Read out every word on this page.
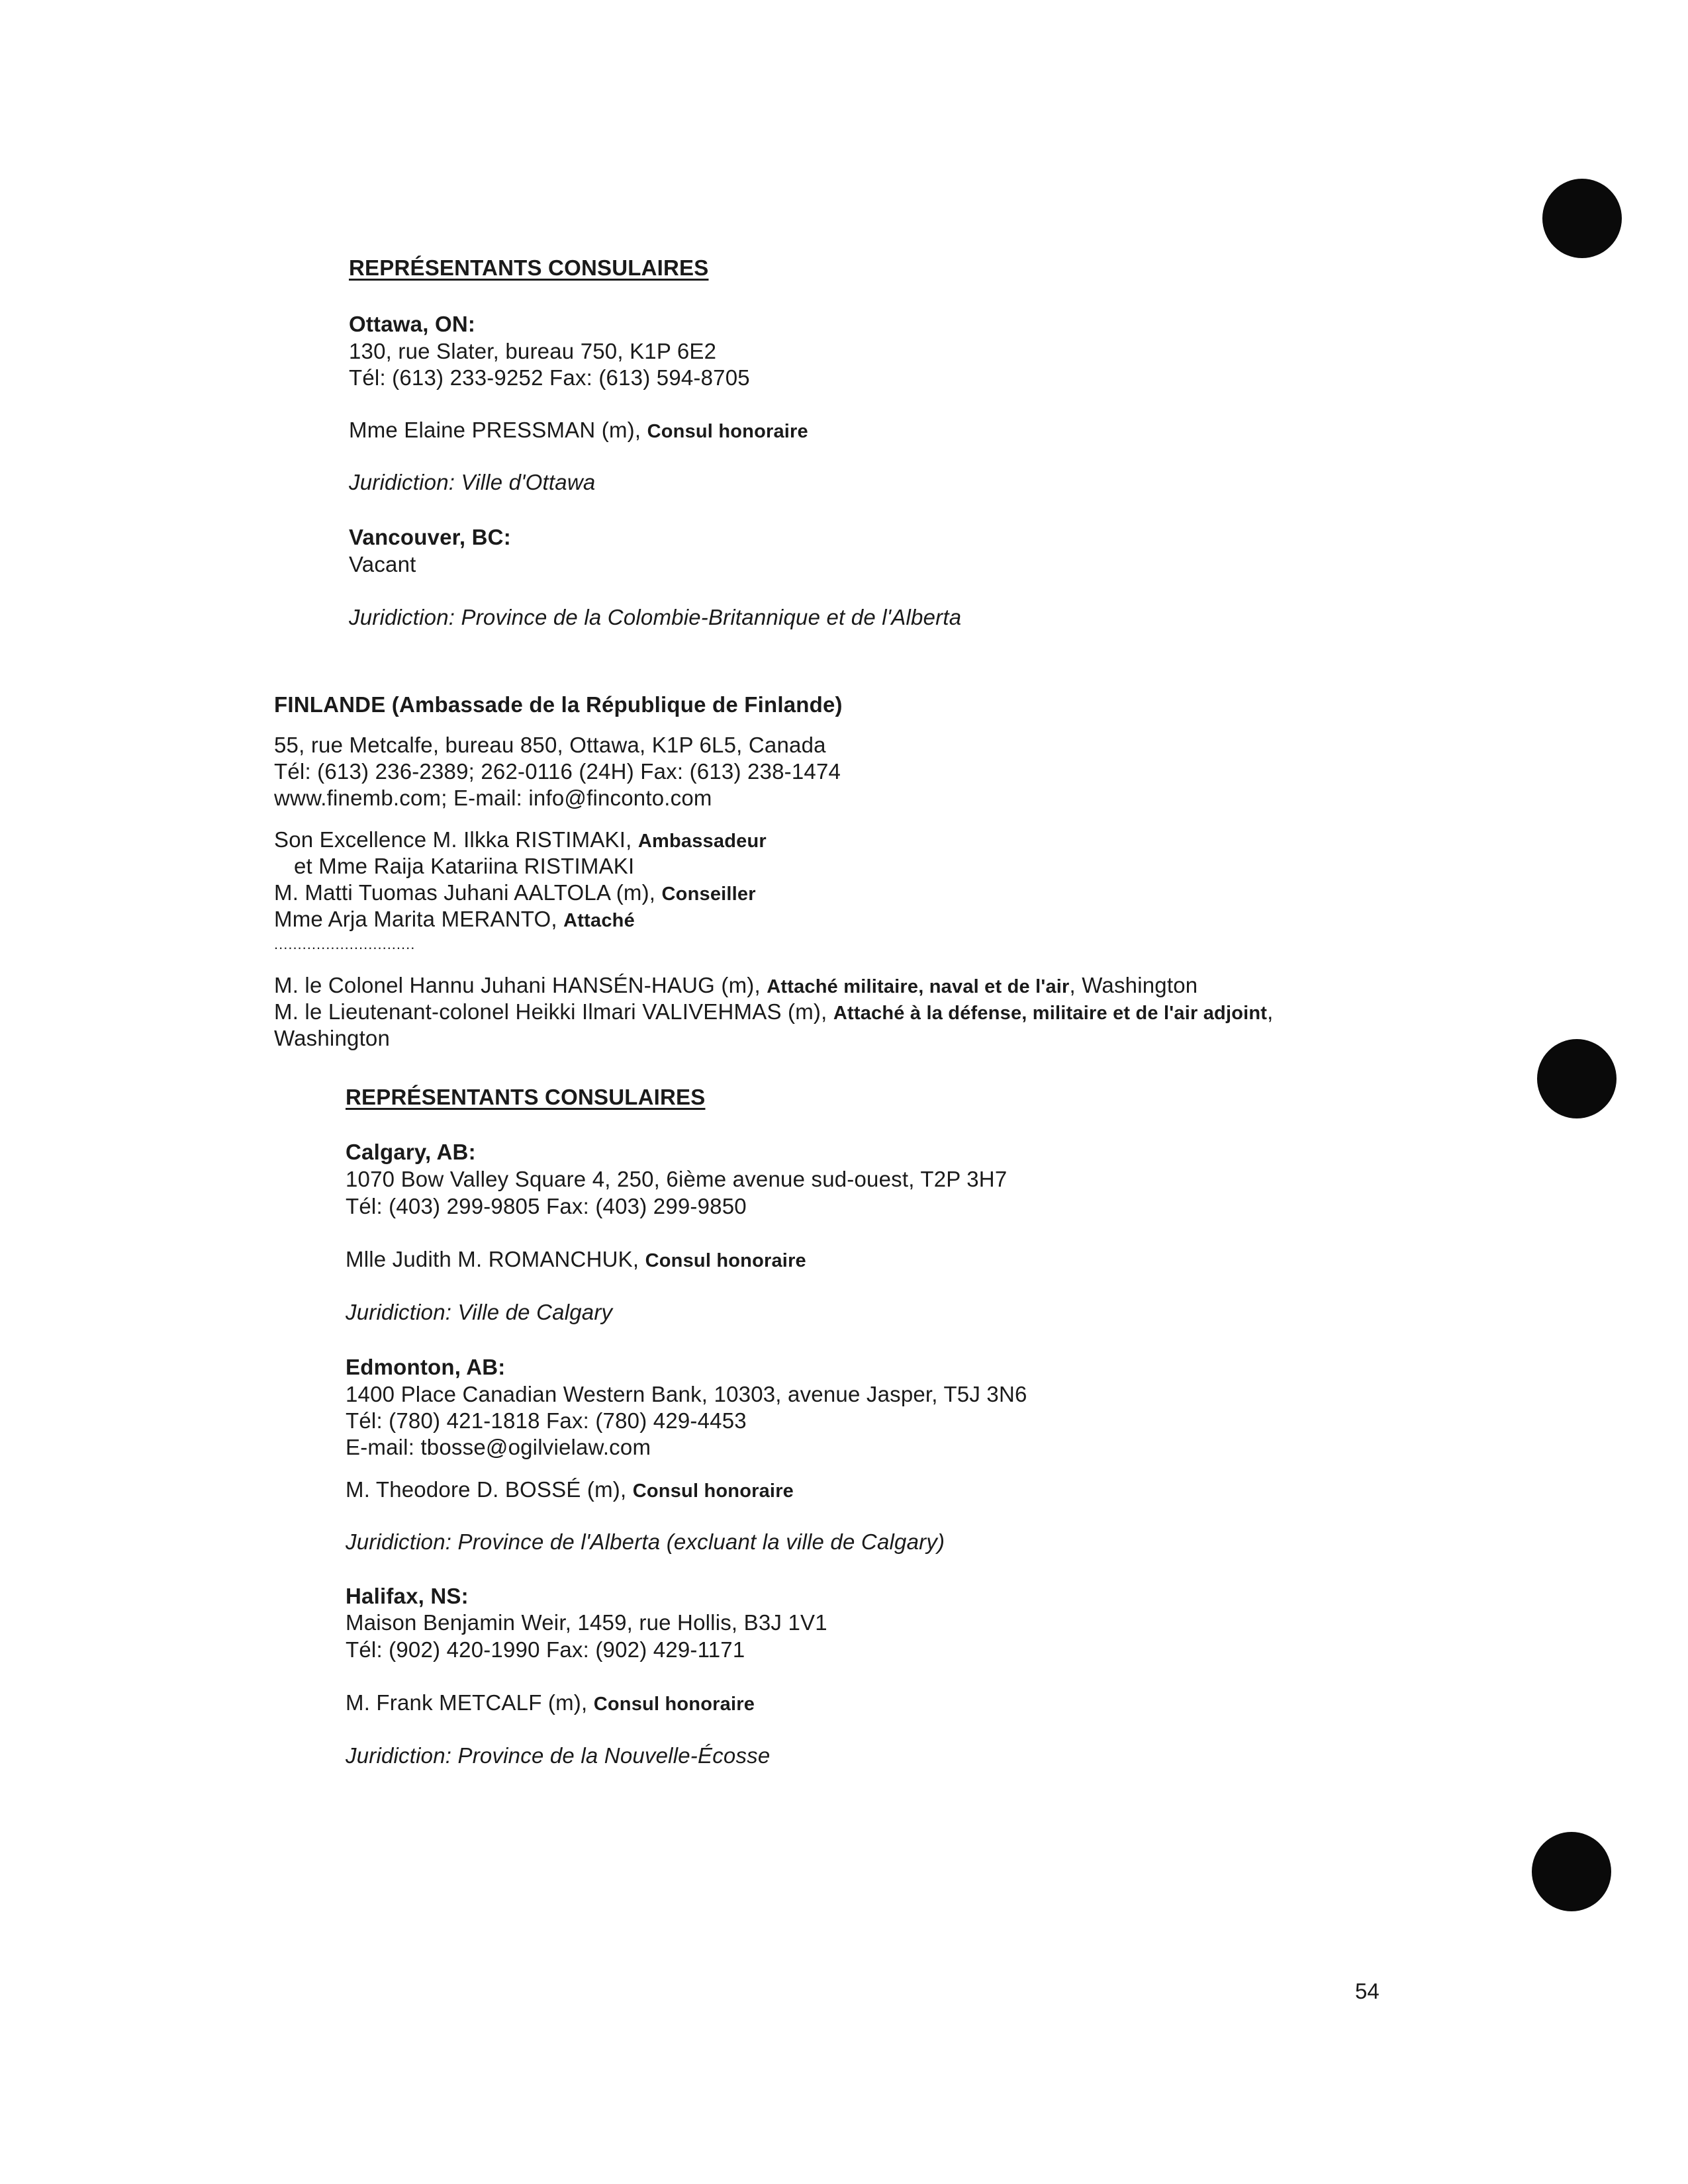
REPRÉSENTANTS CONSULAIRES
Ottawa, ON:
130, rue Slater, bureau 750, K1P 6E2
Tél: (613) 233-9252 Fax: (613) 594-8705
Mme Elaine PRESSMAN (m), Consul honoraire
Juridiction: Ville d'Ottawa
Vancouver, BC:
Vacant
Juridiction: Province de la Colombie-Britannique et de l'Alberta
FINLANDE (Ambassade de la République de Finlande)
55, rue Metcalfe, bureau 850, Ottawa, K1P 6L5, Canada
Tél: (613) 236-2389; 262-0116 (24H) Fax: (613) 238-1474
www.finemb.com; E-mail: info@finconto.com
Son Excellence M. Ilkka RISTIMAKI, Ambassadeur
et Mme Raija Katariina RISTIMAKI
M. Matti Tuomas Juhani AALTOLA (m), Conseiller
Mme Arja Marita MERANTO, Attaché
..............................
M. le Colonel Hannu Juhani HANSÉN-HAUG (m), Attaché militaire, naval et de l'air, Washington
M. le Lieutenant-colonel Heikki Ilmari VALIVEHMAS (m), Attaché à la défense, militaire et de l'air adjoint,
Washington
REPRÉSENTANTS CONSULAIRES
Calgary, AB:
1070 Bow Valley Square 4, 250, 6ième avenue sud-ouest, T2P 3H7
Tél: (403) 299-9805 Fax: (403) 299-9850
Mlle Judith M. ROMANCHUK, Consul honoraire
Juridiction: Ville de Calgary
Edmonton, AB:
1400 Place Canadian Western Bank, 10303, avenue Jasper, T5J 3N6
Tél: (780) 421-1818 Fax: (780) 429-4453
E-mail: tbosse@ogilvielaw.com
M. Theodore D. BOSSÉ (m), Consul honoraire
Juridiction: Province de l'Alberta (excluant la ville de Calgary)
Halifax, NS:
Maison Benjamin Weir, 1459, rue Hollis, B3J 1V1
Tél: (902) 420-1990 Fax: (902) 429-1171
M. Frank METCALF (m), Consul honoraire
Juridiction: Province de la Nouvelle-Écosse
54
